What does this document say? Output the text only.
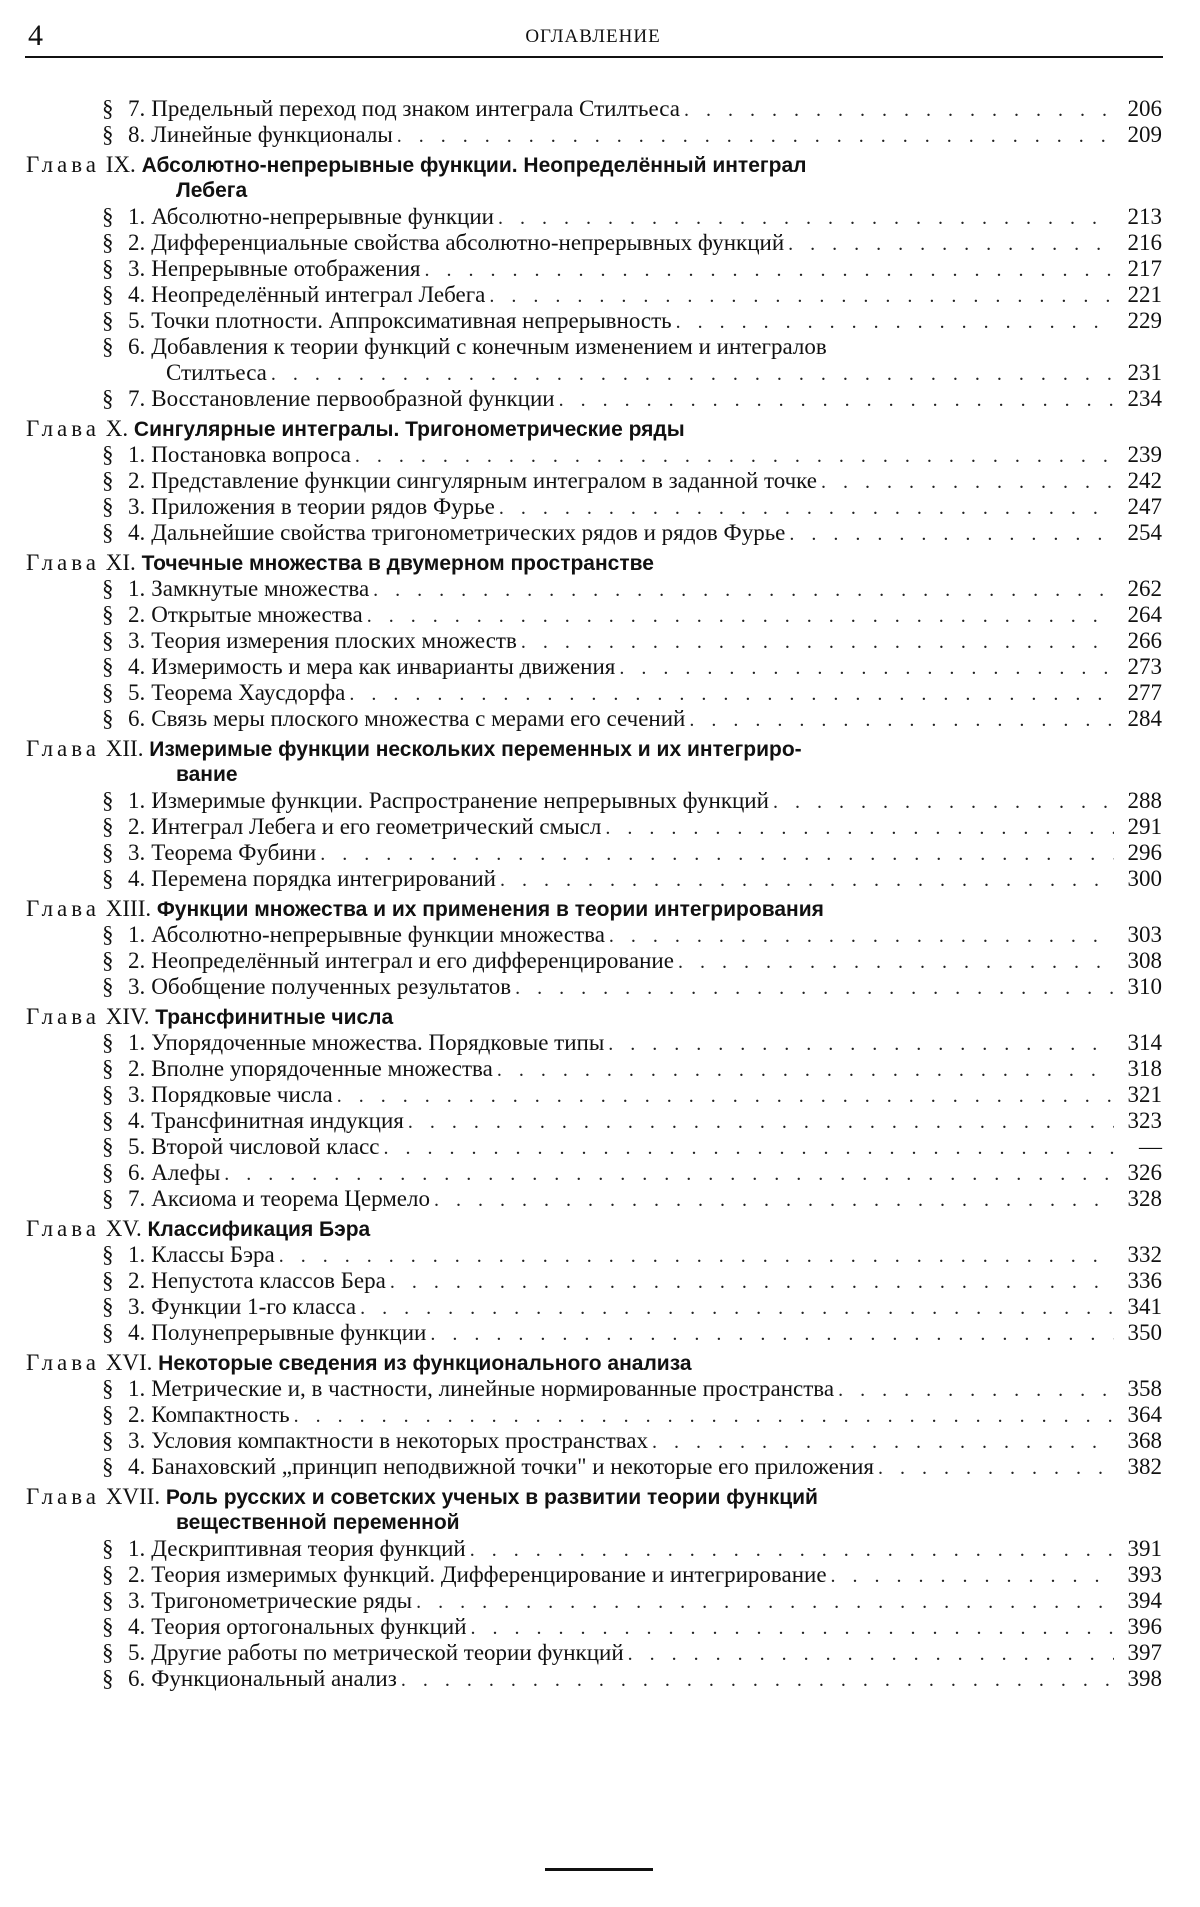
4	ОГЛАВЛЕНИЕ
§ 7. Предельный переход под знаком интеграла Стилтьеса . . .	206
§ 8. Линейные функционалы . . .	209
Глава IX. Абсолютно-непрерывные функции. Неопределённый интеграл
Лебега
§ 1. Абсолютно-непрерывные функции . . .	213
§ 2. Дифференциальные свойства абсолютно-непрерывных функций . . .	216
§ 3. Непрерывные отображения . . .	217
§ 4. Неопределённый интеграл Лебега . . .	221
§ 5. Точки плотности. Аппроксимативная непрерывность . . .	229
§ 6. Добавления к теории функций с конечным изменением и интегралов
Стилтьеса . . .	231
§ 7. Восстановление первообразной функции . . .	234
Глава X. Сингулярные интегралы. Тригонометрические ряды
§ 1. Постановка вопроса . . .	239
§ 2. Представление функции сингулярным интегралом в заданной точке . . .	242
§ 3. Приложения в теории рядов Фурье . . .	247
§ 4. Дальнейшие свойства тригонометрических рядов и рядов Фурье . . .	254
Глава XI. Точечные множества в двумерном пространстве
§ 1. Замкнутые множества . . .	262
§ 2. Открытые множества . . .	264
§ 3. Теория измерения плоских множеств . . .	266
§ 4. Измеримость и мера как инварианты движения . . .	273
§ 5. Теорема Хаусдорфа . . .	277
§ 6. Связь меры плоского множества с мерами его сечений . . .	284
Глава XII. Измеримые функции нескольких переменных и их интегриро-
вание
§ 1. Измеримые функции. Распространение непрерывных функций . . .	288
§ 2. Интеграл Лебега и его геометрический смысл . . .	291
§ 3. Теорема Фубини . . .	296
§ 4. Перемена порядка интегрирований . . .	300
Глава XIII. Функции множества и их применения в теории интегрирования
§ 1. Абсолютно-непрерывные функции множества . . .	303
§ 2. Неопределённый интеграл и его дифференцирование . . .	308
§ 3. Обобщение полученных результатов . . .	310
Глава XIV. Трансфинитные числа
§ 1. Упорядоченные множества. Порядковые типы . . .	314
§ 2. Вполне упорядоченные множества . . .	318
§ 3. Порядковые числа . . .	321
§ 4. Трансфинитная индукция . . .	323
§ 5. Второй числовой класс . . .	—
§ 6. Алефы . . .	326
§ 7. Аксиома и теорема Цермело . . .	328
Глава XV. Классификация Бэра
§ 1. Классы Бэра . . .	332
§ 2. Непустота классов Бера . . .	336
§ 3. Функции 1-го класса . . .	341
§ 4. Полунепрерывные функции . . .	350
Глава XVI. Некоторые сведения из функционального анализа
§ 1. Метрические и, в частности, линейные нормированные пространства . . .	358
§ 2. Компактность . . .	364
§ 3. Условия компактности в некоторых пространствах . . .	368
§ 4. Банаховский „принцип неподвижной точки" и некоторые его приложения . . .	382
Глава XVII. Роль русских и советских ученых в развитии теории функций
вещественной переменной
§ 1. Дескриптивная теория функций . . .	391
§ 2. Теория измеримых функций. Дифференцирование и интегрирование . . .	393
§ 3. Тригонометрические ряды . . .	394
§ 4. Теория ортогональных функций . . .	396
§ 5. Другие работы по метрической теории функций . . .	397
§ 6. Функциональный анализ . . .	398
